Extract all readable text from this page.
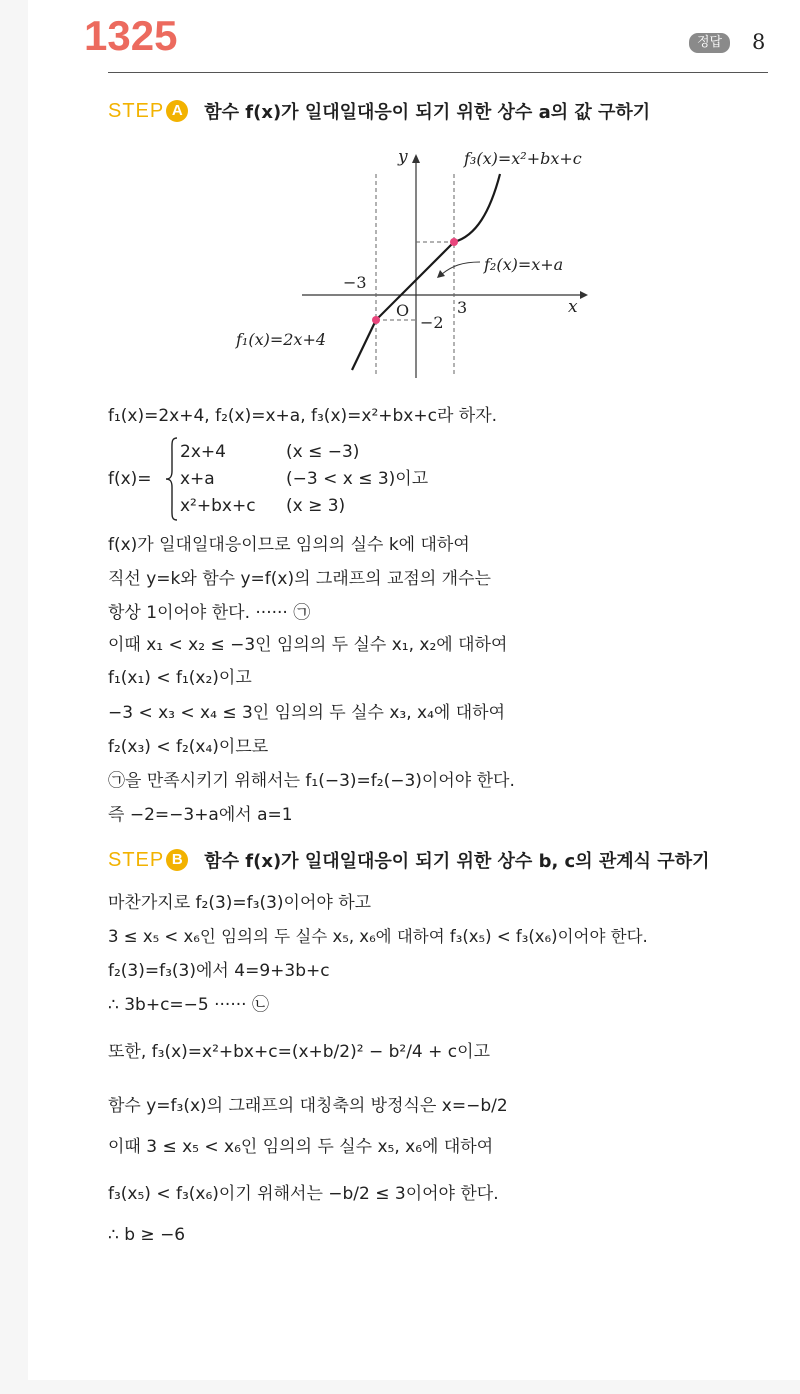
1325	정답	8
STEP A	함수 f(x)가 일대일대응이 되기 위한 상수 a의 값 구하기
y
x
O
f₃(x)=x²+bx+c
f₂(x)=x+a
f₁(x)=2x+4
−3
3
−2
f₁(x)=2x+4, f₂(x)=x+a, f₃(x)=x²+bx+c라 하자.
f(x)=
2x+4	(x ≤ −3)
x+a	(−3 < x ≤ 3)이고
x²+bx+c (x ≥ 3)
f(x)가 일대일대응이므로 임의의 실수 k에 대하여
직선 y=k와 함수 y=f(x)의 그래프의 교점의 개수는
항상 1이어야 한다. ······ ㉠
이때 x₁ < x₂ ≤ −3인 임의의 두 실수 x₁, x₂에 대하여
f₁(x₁) < f₁(x₂)이고
−3 < x₃ < x₄ ≤ 3인 임의의 두 실수 x₃, x₄에 대하여
f₂(x₃) < f₂(x₄)이므로
㉠을 만족시키기 위해서는 f₁(−3)=f₂(−3)이어야 한다.
즉 −2=−3+a에서 a=1
STEP B	함수 f(x)가 일대일대응이 되기 위한 상수 b, c의 관계식 구하기
마찬가지로 f₂(3)=f₃(3)이어야 하고
3 ≤ x₅ < x₆인 임의의 두 실수 x₅, x₆에 대하여 f₃(x₅) < f₃(x₆)이어야 한다.
f₂(3)=f₃(3)에서 4=9+3b+c
∴ 3b+c=−5 ······ ㉡
또한, f₃(x)=x²+bx+c=(x+b/2)² − b²/4 + c이고
함수 y=f₃(x)의 그래프의 대칭축의 방정식은 x=−b/2
이때 3 ≤ x₅ < x₆인 임의의 두 실수 x₅, x₆에 대하여
f₃(x₅) < f₃(x₆)이기 위해서는 −b/2 ≤ 3이어야 한다.
∴ b ≥ −6
